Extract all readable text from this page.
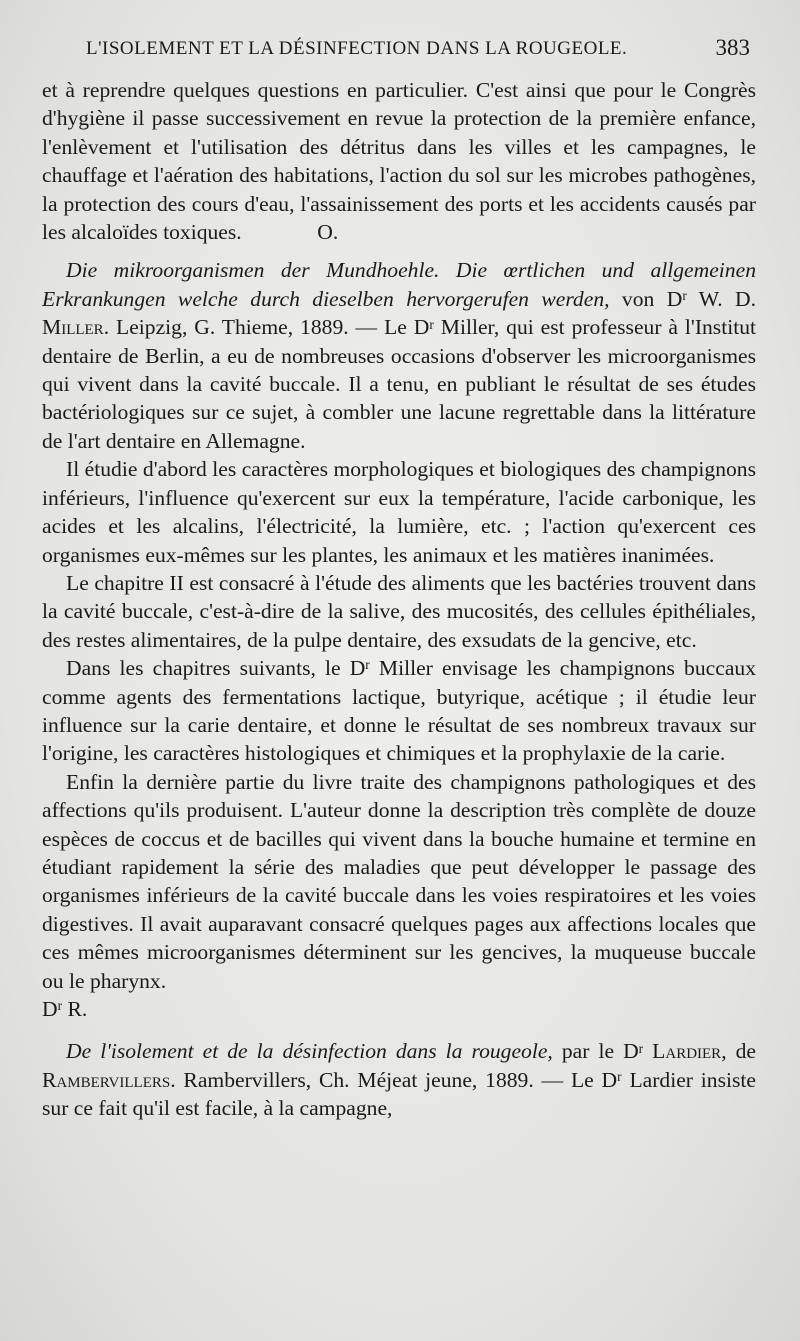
L'ISOLEMENT ET LA DÉSINFECTION DANS LA ROUGEOLE.	383

et à reprendre quelques questions en particulier. C'est ainsi que pour le Congrès d'hygiène il passe successivement en revue la protection de la première enfance, l'enlèvement et l'utilisation des détritus dans les villes et les campagnes, le chauffage et l'aération des habitations, l'action du sol sur les microbes pathogènes, la protection des cours d'eau, l'assainissement des ports et les accidents causés par les alcaloïdes toxiques.	O.

Die mikroorganismen der Mundhoehle. Die œrtlichen und allgemeinen Erkrankungen welche durch dieselben hervorgerufen werden, von $D^r$ W. D. Miller. Leipzig, G. Thieme, 1889. — Le $D^r$ Miller, qui est professeur à l'Institut dentaire de Berlin, a eu de nombreuses occasions d'observer les microorganismes qui vivent dans la cavité buccale. Il a tenu, en publiant le résultat de ses études bactériologiques sur ce sujet, à combler une lacune regrettable dans la littérature de l'art dentaire en Allemagne.

Il étudie d'abord les caractères morphologiques et biologiques des champignons inférieurs, l'influence qu'exercent sur eux la température, l'acide carbonique, les acides et les alcalins, l'électricité, la lumière, etc. ; l'action qu'exercent ces organismes eux-mêmes sur les plantes, les animaux et les matières inanimées.

Le chapitre II est consacré à l'étude des aliments que les bactéries trouvent dans la cavité buccale, c'est-à-dire de la salive, des mucosités, des cellules épithéliales, des restes alimentaires, de la pulpe dentaire, des exsudats de la gencive, etc.

Dans les chapitres suivants, le $D^r$ Miller envisage les champignons buccaux comme agents des fermentations lactique, butyrique, acétique ; il étudie leur influence sur la carie dentaire, et donne le résultat de ses nombreux travaux sur l'origine, les caractères histologiques et chimiques et la prophylaxie de la carie.

Enfin la dernière partie du livre traite des champignons pathologiques et des affections qu'ils produisent. L'auteur donne la description très complète de douze espèces de coccus et de bacilles qui vivent dans la bouche humaine et termine en étudiant rapidement la série des maladies que peut développer le passage des organismes inférieurs de la cavité buccale dans les voies respiratoires et les voies digestives. Il avait auparavant consacré quelques pages aux affections locales que ces mêmes microorganismes déterminent sur les gencives, la muqueuse buccale ou le pharynx.

$D^r$ R.

De l'isolement et de la désinfection dans la rougeole, par le $D^r$ Lardier, de Rambervillers. Rambervillers, Ch. Méjeat jeune, 1889. — Le $D^r$ Lardier insiste sur ce fait qu'il est facile, à la campagne,
